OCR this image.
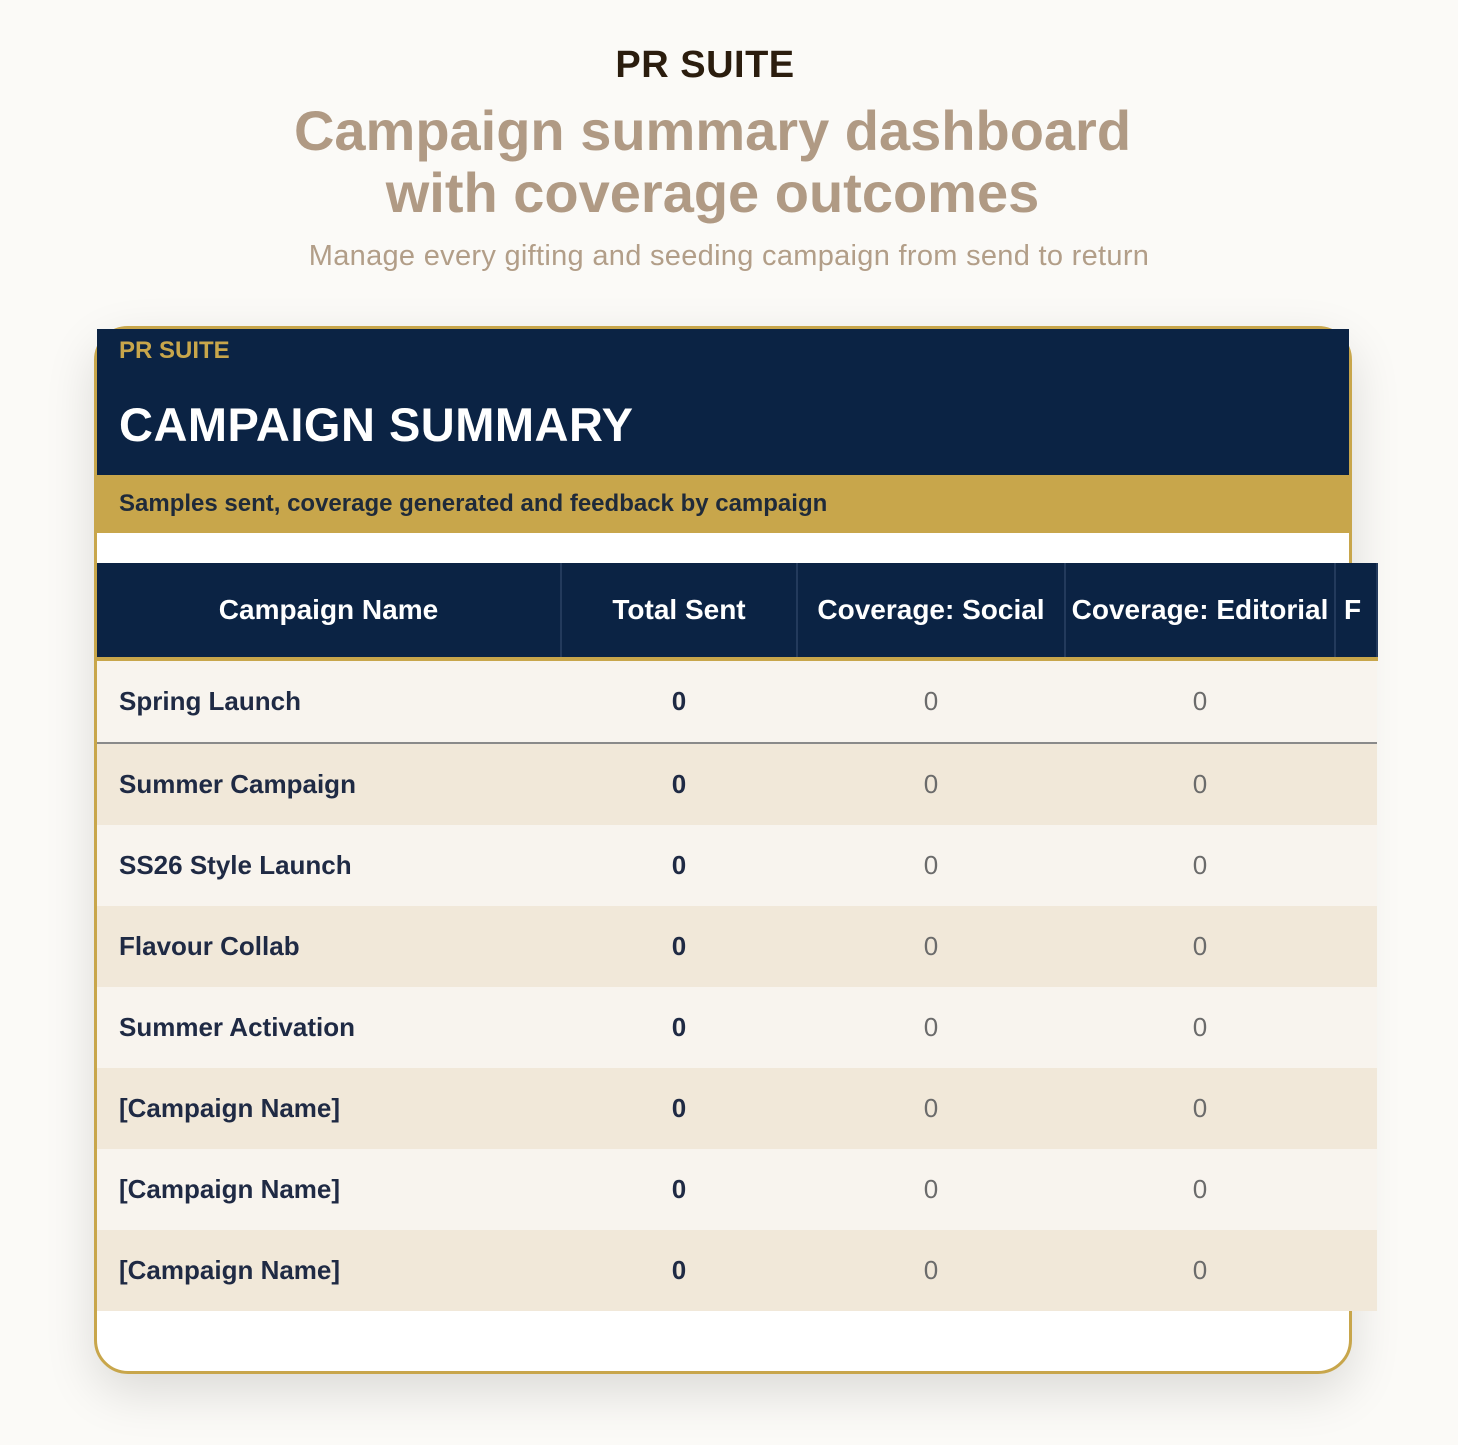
PR SUITE
Campaign summary dashboard
with coverage outcomes
Manage every gifting and seeding campaign from send to return
PR SUITE
CAMPAIGN SUMMARY
Samples sent, coverage generated and feedback by campaign
Campaign Name	Total Sent	Coverage: Social	Coverage: Editorial	F
Spring Launch	0	0	0	
Summer Campaign	0	0	0	
SS26 Style Launch	0	0	0	
Flavour Collab	0	0	0	
Summer Activation	0	0	0	
[Campaign Name]	0	0	0	
[Campaign Name]	0	0	0	
[Campaign Name]	0	0	0	
